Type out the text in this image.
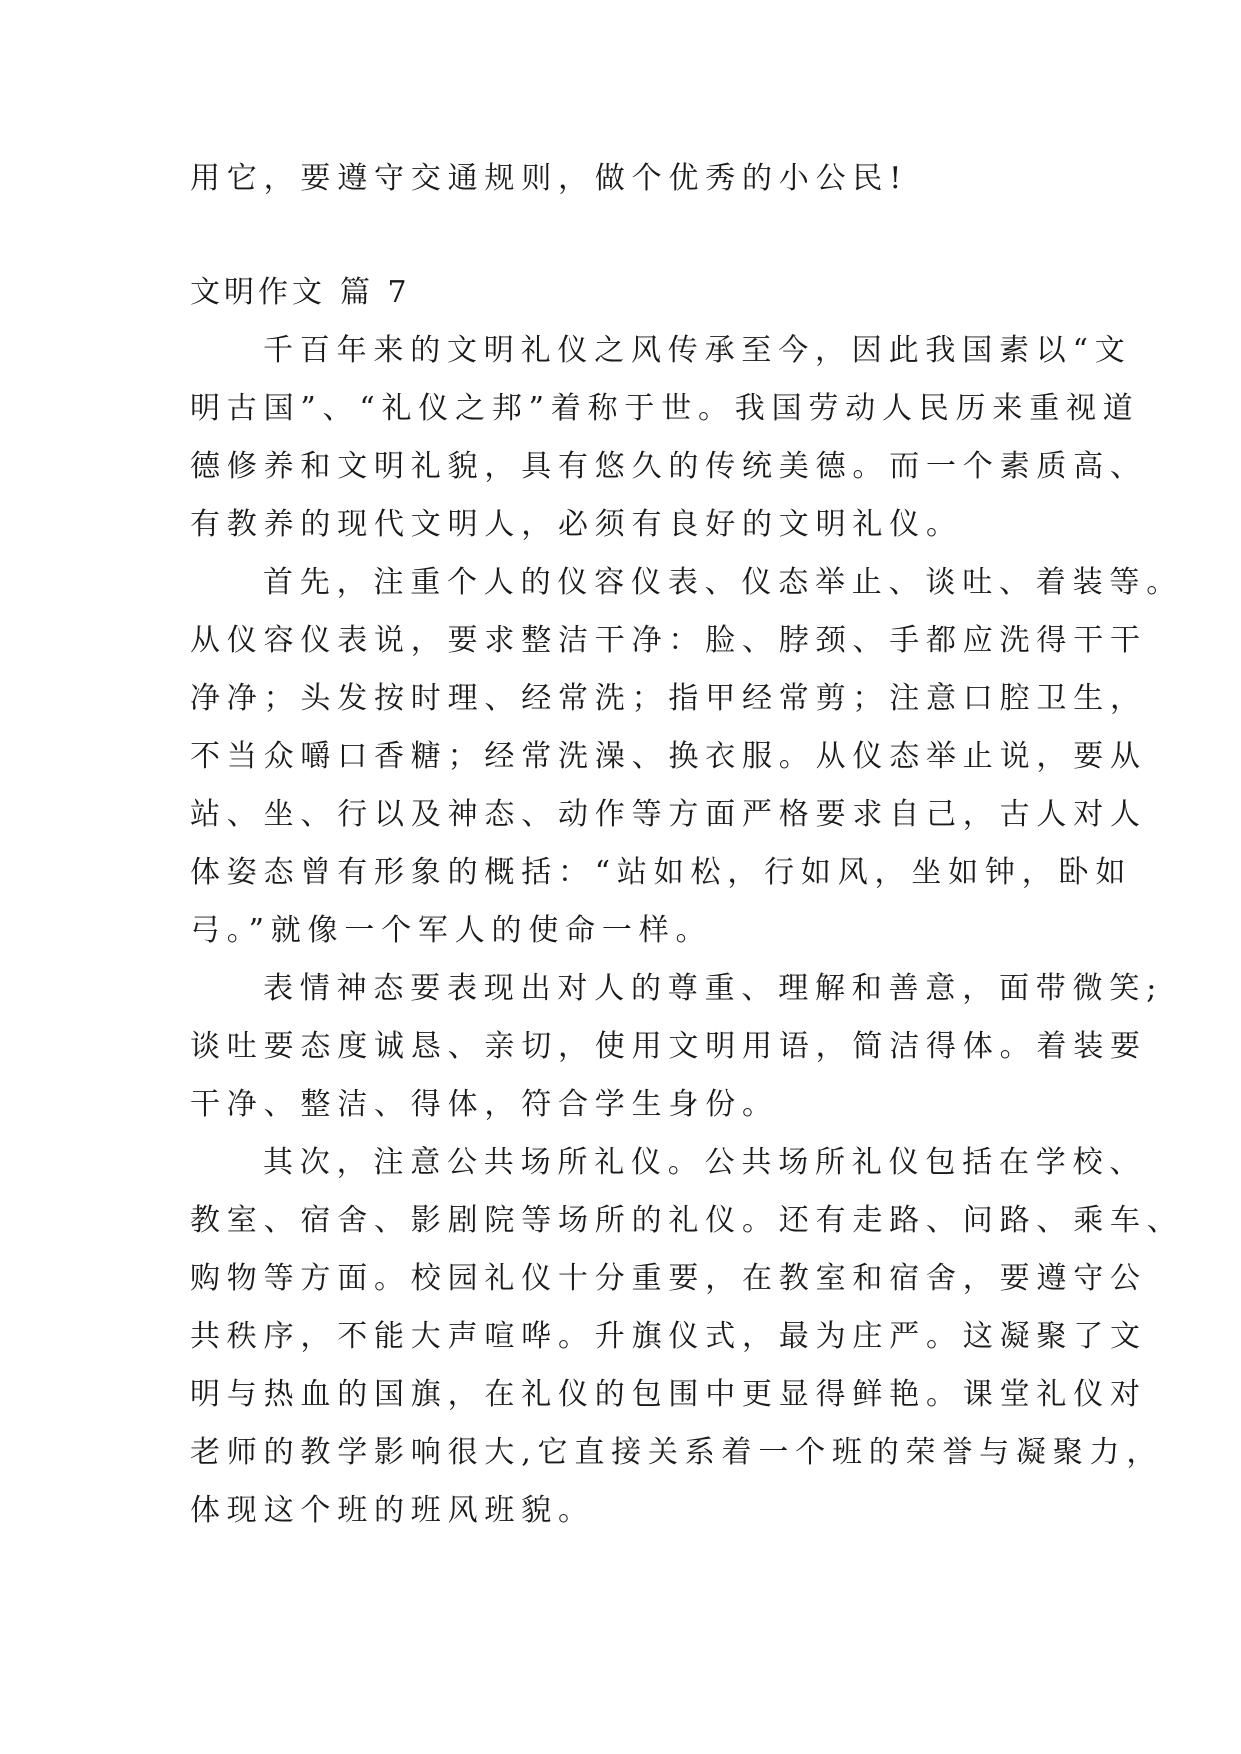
用它，要遵守交通规则，做个优秀的小公民!

文明作文 篇 7

千百年来的文明礼仪之风传承至今，因此我国素以“文

明古国”、“礼仪之邦”着称于世。我国劳动人民历来重视道

德修养和文明礼貌，具有悠久的传统美德。而一个素质高、

有教养的现代文明人，必须有良好的文明礼仪。

首先，注重个人的仪容仪表、仪态举止、谈吐、着装等。

从仪容仪表说，要求整洁干净：脸、脖颈、手都应洗得干干

净净；头发按时理、经常洗；指甲经常剪；注意口腔卫生，

不当众嚼口香糖；经常洗澡、换衣服。从仪态举止说，要从

站、坐、行以及神态、动作等方面严格要求自己，古人对人

体姿态曾有形象的概括：“站如松，行如风，坐如钟，卧如

弓。”就像一个军人的使命一样。

表情神态要表现出对人的尊重、理解和善意，面带微笑;

谈吐要态度诚恳、亲切，使用文明用语，简洁得体。着装要

干净、整洁、得体，符合学生身份。

其次，注意公共场所礼仪。公共场所礼仪包括在学校、

教室、宿舍、影剧院等场所的礼仪。还有走路、问路、乘车、

购物等方面。校园礼仪十分重要，在教室和宿舍，要遵守公

共秩序，不能大声喧哗。升旗仪式，最为庄严。这凝聚了文

明与热血的国旗，在礼仪的包围中更显得鲜艳。课堂礼仪对

老师的教学影响很大,它直接关系着一个班的荣誉与凝聚力，

体现这个班的班风班貌。
